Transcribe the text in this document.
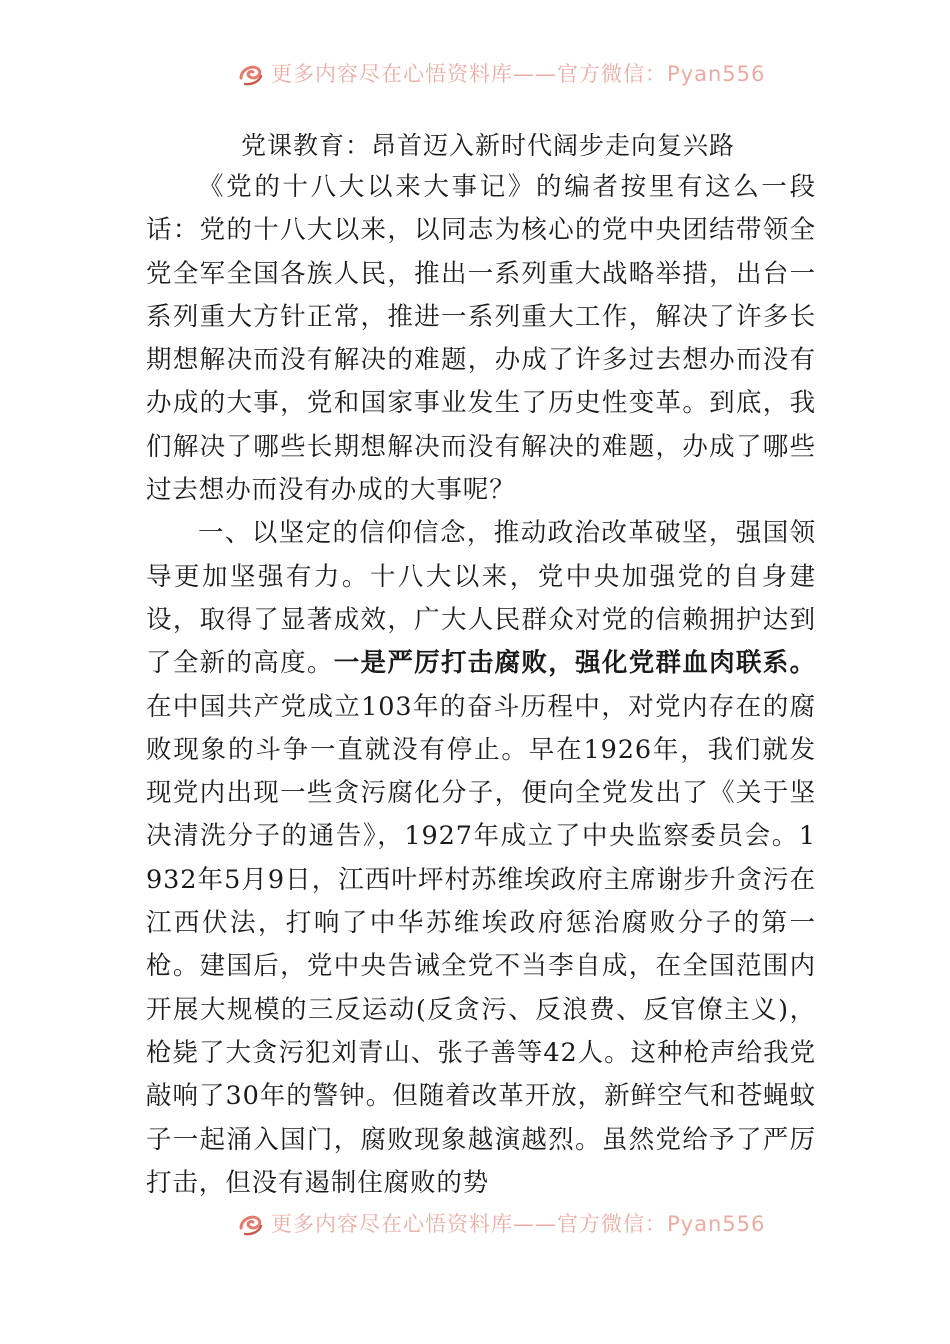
更多内容尽在心悟资料库——官方微信：Pyan556
党课教育：昂首迈入新时代阔步走向复兴路

《党的十八大以来大事记》的编者按里有这么一段话：党的十八大以来，以同志为核心的党中央团结带领全党全军全国各族人民，推出一系列重大战略举措，出台一系列重大方针正常，推进一系列重大工作，解决了许多长期想解决而没有解决的难题，办成了许多过去想办而没有办成的大事，党和国家事业发生了历史性变革。到底，我们解决了哪些长期想解决而没有解决的难题，办成了哪些过去想办而没有办成的大事呢？

一、以坚定的信仰信念，推动政治改革破坚，强国领导更加坚强有力。十八大以来，党中央加强党的自身建设，取得了显著成效，广大人民群众对党的信赖拥护达到了全新的高度。一是严厉打击腐败，强化党群血肉联系。在中国共产党成立103年的奋斗历程中，对党内存在的腐败现象的斗争一直就没有停止。早在1926年，我们就发现党内出现一些贪污腐化分子，便向全党发出了《关于坚决清洗分子的通告》，1927年成立了中央监察委员会。1932年5月9日，江西叶坪村苏维埃政府主席谢步升贪污在江西伏法，打响了中华苏维埃政府惩治腐败分子的第一枪。建国后，党中央告诫全党不当李自成，在全国范围内开展大规模的三反运动(反贪污、反浪费、反官僚主义)，枪毙了大贪污犯刘青山、张子善等42人。这种枪声给我党敲响了30年的警钟。但随着改革开放，新鲜空气和苍蝇蚊子一起涌入国门，腐败现象越演越烈。虽然党给予了严厉打击，但没有遏制住腐败的势

更多内容尽在心悟资料库——官方微信：Pyan556
